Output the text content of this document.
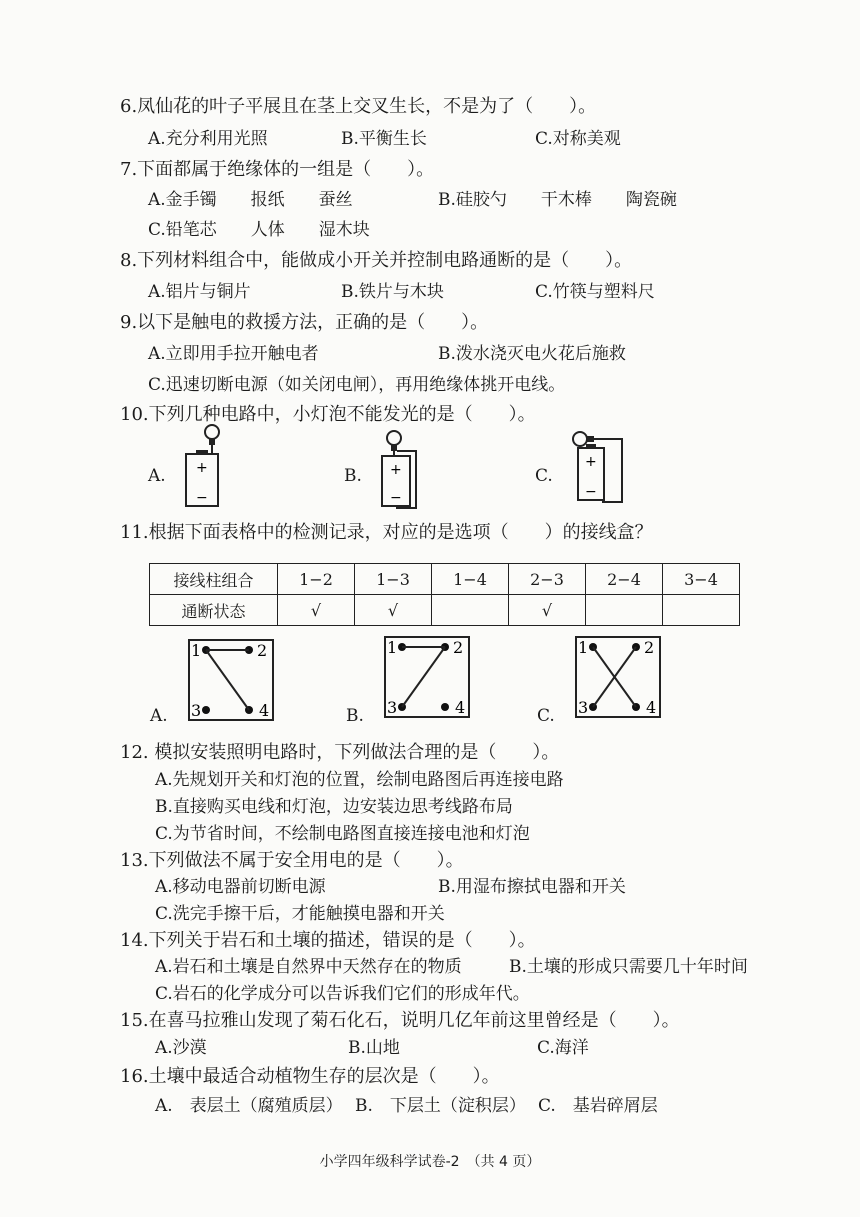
6.凤仙花的叶子平展且在茎上交叉生长，不是为了（　　）。
A.充分利用光照	B.平衡生长	C.对称美观
7.下面都属于绝缘体的一组是（　　）。
A.金手镯　　报纸　　蚕丝	B.硅胶勺　　干木棒　　陶瓷碗
C.铅笔芯　　人体　　湿木块
8.下列材料组合中，能做成小开关并控制电路通断的是（　　）。
A.铝片与铜片	B.铁片与木块	C.竹筷与塑料尺
9.以下是触电的救援方法，正确的是（　　）。
A.立即用手拉开触电者	B.泼水浇灭电火花后施救
C.迅速切断电源（如关闭电闸），再用绝缘体挑开电线。
10.下列几种电路中，小灯泡不能发光的是（　　）。
A. +
−
B. +
−
C.
+
−
11.根据下面表格中的检测记录，对应的是选项（　　）的接线盒？
接线柱组合	1−2	1−3	1−4	2−3	2−4	3−4
通断状态	√	√		√		
A.
1	2
3	4	B.
1	2
3	4	C.
1	2
3	4
12. 模拟安装照明电路时，下列做法合理的是（　　）。
A.先规划开关和灯泡的位置，绘制电路图后再连接电路
B.直接购买电线和灯泡，边安装边思考线路布局
C.为节省时间，不绘制电路图直接连接电池和灯泡
13.下列做法不属于安全用电的是（　　）。
A.移动电器前切断电源	B.用湿布擦拭电器和开关
C.洗完手擦干后，才能触摸电器和开关
14.下列关于岩石和土壤的描述，错误的是（　　）。
A.岩石和土壤是自然界中天然存在的物质	B.土壤的形成只需要几十年时间
C.岩石的化学成分可以告诉我们它们的形成年代。
15.在喜马拉雅山发现了菊石化石，说明几亿年前这里曾经是（　　）。
A.沙漠	B.山地	C.海洋
16.土壤中最适合动植物生存的层次是（　　）。
A.　表层土（腐殖质层） B.　下层土（淀积层） C.　基岩碎屑层
小学四年级科学试卷-2　（共 4 页）
